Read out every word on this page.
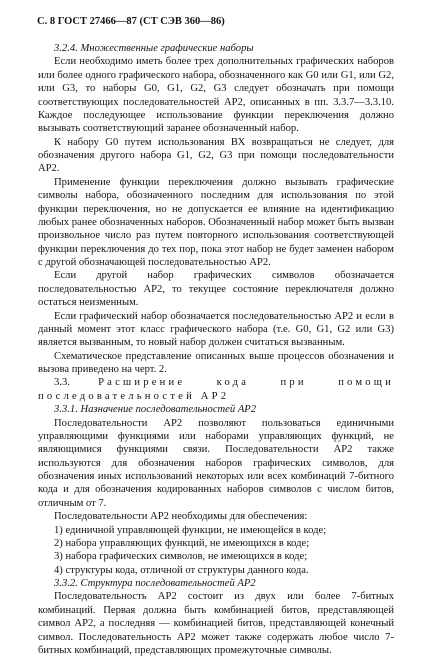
С. 8 ГОСТ 27466—87 (СТ СЭВ 360—86)

3.2.4. Множественные графические наборы

Если необходимо иметь более трех дополнительных графических наборов или более одного графического набора, обозначенного как G0 или G1, или G2, или G3, то наборы G0, G1, G2, G3 следует обозначать при помощи соответствующих последовательностей АР2, описанных в пп. 3.3.7—3.3.10. Каждое последующее использование функции переключения должно вызывать соответствующий заранее обозначенный набор.

К набору G0 путем использования ВХ возвращаться не следует, для обозначения другого набора G1, G2, G3 при помощи последовательности АР2.

Применение функции переключения должно вызывать графические символы набора, обозначенного последним для использования по этой функции переключения, но не допускается ее влияние на идентификацию любых ранее обозначенных наборов. Обозначенный набор может быть вызван произвольное число раз путем повторного использования соответствующей функции переключения до тех пор, пока этот набор не будет заменен набором с другой обозначающей последовательностью АР2.

Если другой набор графических символов обозначается последовательностью АР2, то текущее состояние переключателя должно остаться неизменным.

Если графический набор обозначается последовательностью АР2 и если в данный момент этот класс графического набора (т.е. G0, G1, G2 или G3) является вызванным, то новый набор должен считаться вызванным.

Схематическое представление описанных выше процессов обозначения и вызова приведено на черт. 2.

3.3. Расширение кода при помощи последовательностей АР2

3.3.1. Назначение последовательностей АР2

Последовательности АР2 позволяют пользоваться единичными управляющими функциями или наборами управляющих функций, не являющимися функциями связи. Последовательности АР2 также используются для обозначения наборов графических символов, для обозначения иных использований некоторых или всех комбинаций 7-битного кода и для обозначения кодированных наборов символов с числом битов, отличным от 7.

Последовательности АР2 необходимы для обеспечения:

1) единичной управляющей функции, не имеющейся в коде;

2) набора управляющих функций, не имеющихся в коде;

3) набора графических символов, не имеющихся в коде;

4) структуры кода, отличной от структуры данного кода.

3.3.2. Структура последовательностей АР2

Последовательность АР2 состоит из двух или более 7-битных комбинаций. Первая должна быть комбинацией битов, представляющей символ АР2, а последняя — комбинацией битов, представляющей конечный символ. Последовательность АР2 может также содержать любое число 7-битных комбинаций, представляющих промежуточные символы.
